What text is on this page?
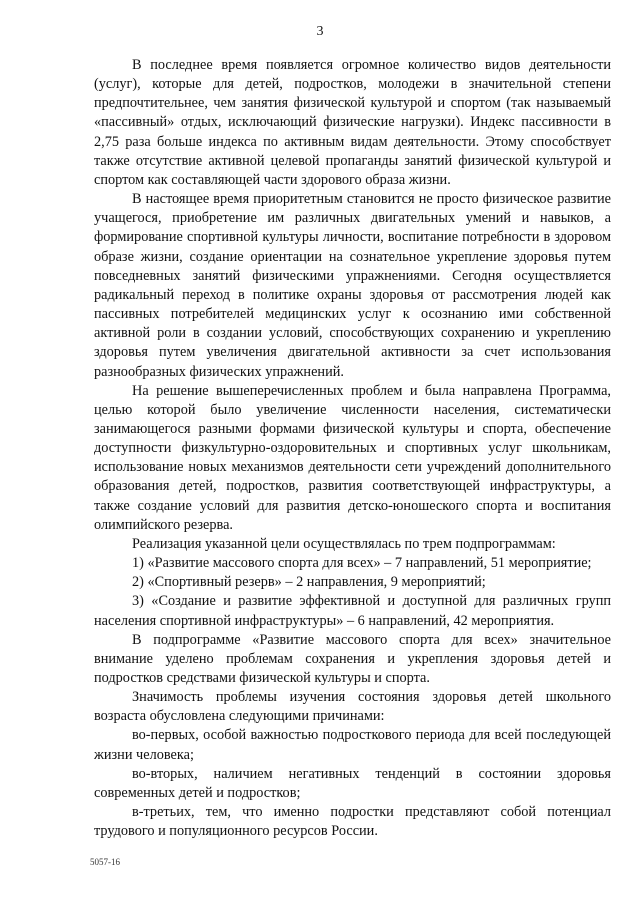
3

В последнее время появляется огромное количество видов деятельности (услуг), которые для детей, подростков, молодежи в значительной степени предпочтительнее, чем занятия физической культурой и спортом (так называемый «пассивный» отдых, исключающий физические нагрузки). Индекс пассивности в 2,75 раза больше индекса по активным видам деятельности. Этому способствует также отсутствие активной целевой пропаганды занятий физической культурой и спортом как составляющей части здорового образа жизни.

В настоящее время приоритетным становится не просто физическое развитие учащегося, приобретение им различных двигательных умений и навыков, а формирование спортивной культуры личности, воспитание потребности в здоровом образе жизни, создание ориентации на сознательное укрепление здоровья путем повседневных занятий физическими упражнениями. Сегодня осуществляется радикальный переход в политике охраны здоровья от рассмотрения людей как пассивных потребителей медицинских услуг к осознанию ими собственной активной роли в создании условий, способствующих сохранению и укреплению здоровья путем увеличения двигательной активности за счет использования разнообразных физических упражнений.

На решение вышеперечисленных проблем и была направлена Программа, целью которой было увеличение численности населения, систематически занимающегося разными формами физической культуры и спорта, обеспечение доступности физкультурно-оздоровительных и спортивных услуг школьникам, использование новых механизмов деятельности сети учреждений дополнительного образования детей, подростков, развития соответствующей инфраструктуры, а также создание условий для развития детско-юношеского спорта и воспитания олимпийского резерва.

Реализация указанной цели осуществлялась по трем подпрограммам:

1) «Развитие массового спорта для всех» – 7 направлений, 51 мероприятие;

2) «Спортивный резерв» – 2 направления, 9 мероприятий;

3) «Создание и развитие эффективной и доступной для различных групп населения спортивной инфраструктуры» – 6 направлений, 42 мероприятия.

В подпрограмме «Развитие массового спорта для всех» значительное внимание уделено проблемам сохранения и укрепления здоровья детей и подростков средствами физической культуры и спорта.

Значимость проблемы изучения состояния здоровья детей школьного возраста обусловлена следующими причинами:

во-первых, особой важностью подросткового периода для всей последующей жизни человека;

во-вторых, наличием негативных тенденций в состоянии здоровья современных детей и подростков;

в-третьих, тем, что именно подростки представляют собой потенциал трудового и популяционного ресурсов России.

5057-16
